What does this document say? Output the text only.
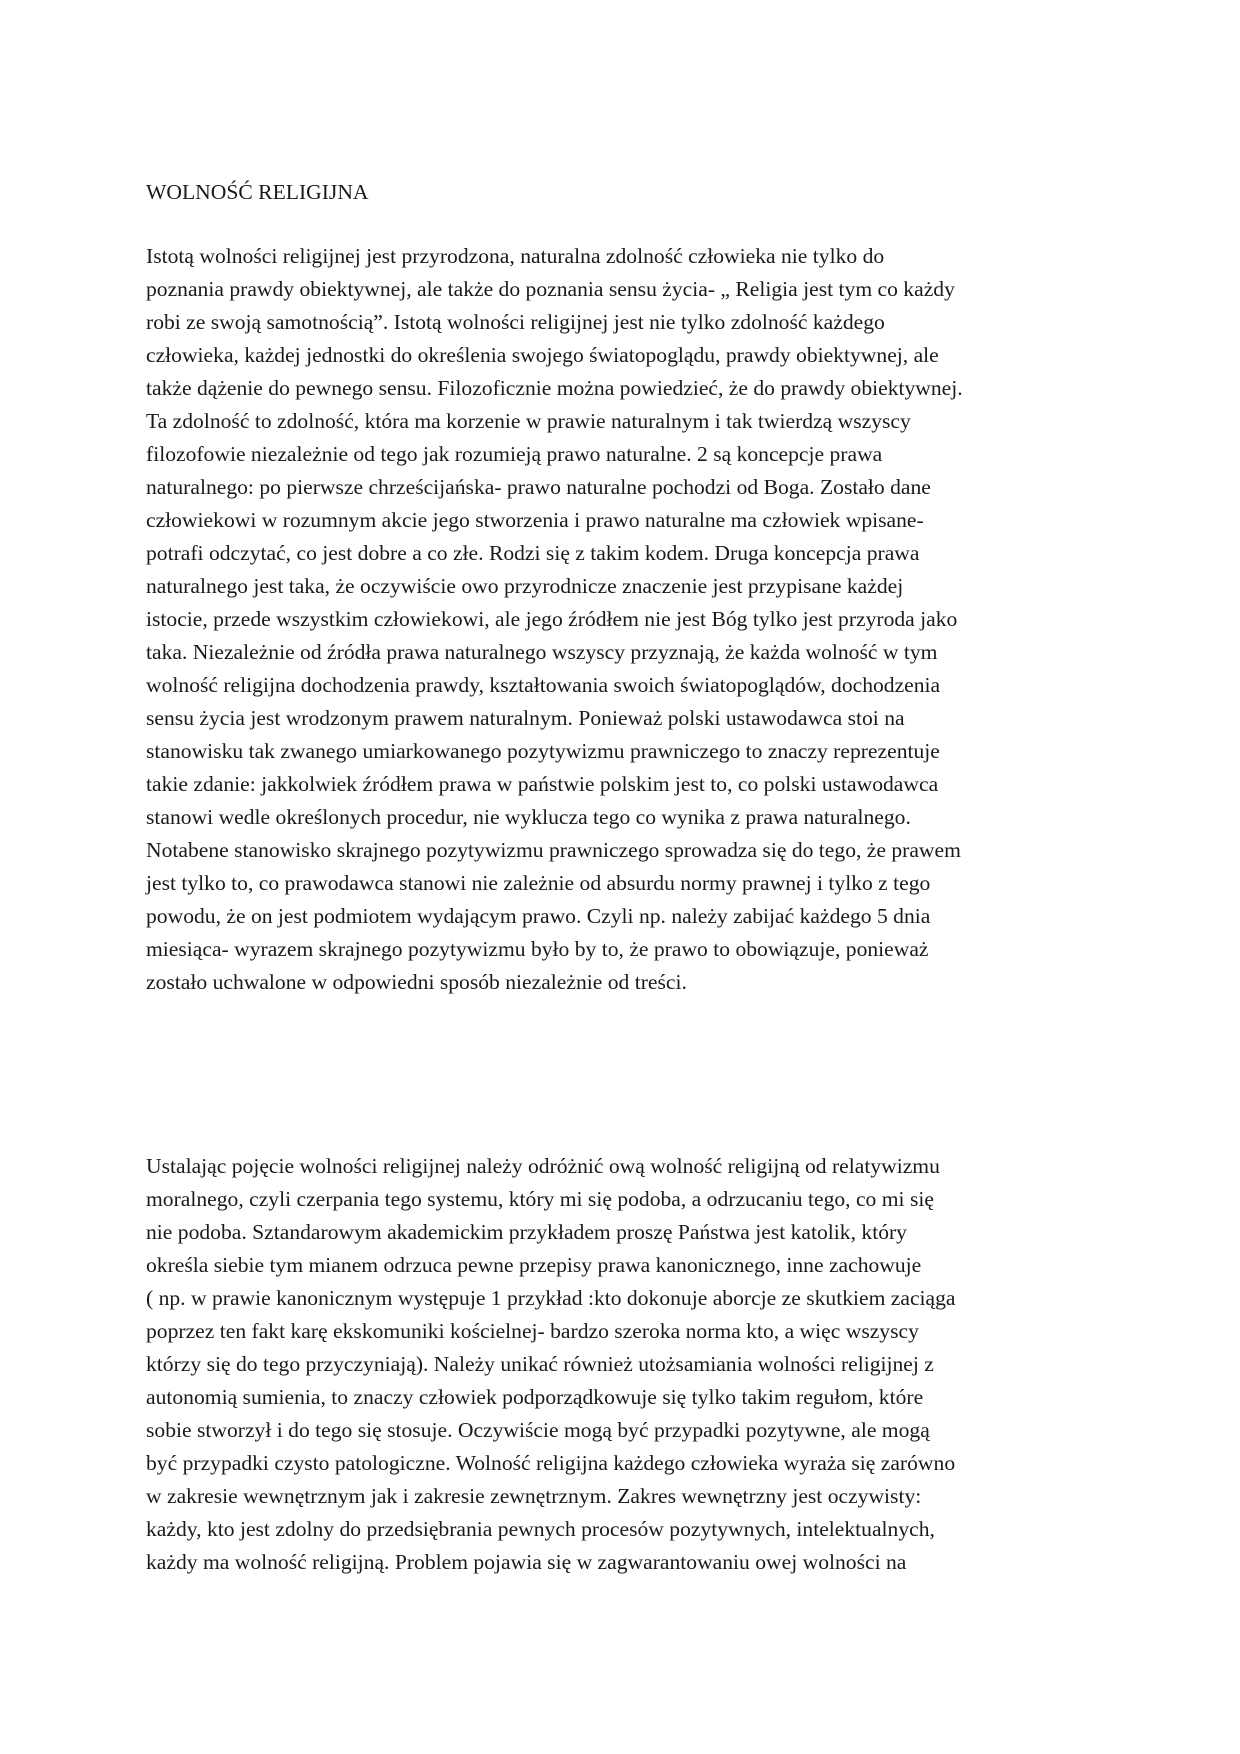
WOLNOŚĆ RELIGIJNA
Istotą wolności religijnej jest przyrodzona, naturalna zdolność człowieka nie tylko do
poznania prawdy obiektywnej, ale także do poznania sensu życia- „ Religia jest tym co każdy
robi ze swoją samotnością”. Istotą wolności religijnej jest nie tylko zdolność każdego
człowieka, każdej jednostki do określenia swojego światopoglądu, prawdy obiektywnej, ale
także dążenie do pewnego sensu. Filozoficznie można powiedzieć, że do prawdy obiektywnej.
Ta zdolność to zdolność, która ma korzenie w prawie naturalnym i tak twierdzą wszyscy
filozofowie niezależnie od tego jak rozumieją prawo naturalne. 2 są koncepcje prawa
naturalnego: po pierwsze chrześcijańska- prawo naturalne pochodzi od Boga. Zostało dane
człowiekowi w rozumnym akcie jego stworzenia i prawo naturalne ma człowiek wpisane-
potrafi odczytać, co jest dobre a co złe. Rodzi się z takim kodem. Druga koncepcja prawa
naturalnego jest taka, że oczywiście owo przyrodnicze znaczenie jest przypisane każdej
istocie, przede wszystkim człowiekowi, ale jego źródłem nie jest Bóg tylko jest przyroda jako
taka. Niezależnie od źródła prawa naturalnego wszyscy przyznają, że każda wolność w tym
wolność religijna dochodzenia prawdy, kształtowania swoich światopoglądów, dochodzenia
sensu życia jest wrodzonym prawem naturalnym. Ponieważ polski ustawodawca stoi na
stanowisku tak zwanego umiarkowanego pozytywizmu prawniczego to znaczy reprezentuje
takie zdanie: jakkolwiek źródłem prawa w państwie polskim jest to, co polski ustawodawca
stanowi wedle określonych procedur, nie wyklucza tego co wynika z prawa naturalnego.
Notabene stanowisko skrajnego pozytywizmu prawniczego sprowadza się do tego, że prawem
jest tylko to, co prawodawca stanowi nie zależnie od absurdu normy prawnej i tylko z tego
powodu, że on jest podmiotem wydającym prawo. Czyli np. należy zabijać każdego 5 dnia
miesiąca- wyrazem skrajnego pozytywizmu było by to, że prawo to obowiązuje, ponieważ
zostało uchwalone w odpowiedni sposób niezależnie od treści.
Ustalając pojęcie wolności religijnej należy odróżnić ową wolność religijną od relatywizmu
moralnego, czyli czerpania tego systemu, który mi się podoba, a odrzucaniu tego, co mi się
nie podoba. Sztandarowym akademickim przykładem proszę Państwa jest katolik, który
określa siebie tym mianem odrzuca pewne przepisy prawa kanonicznego, inne zachowuje
( np. w prawie kanonicznym występuje 1 przykład :kto dokonuje aborcje ze skutkiem zaciąga
poprzez ten fakt karę ekskomuniki kościelnej- bardzo szeroka norma kto, a więc wszyscy
którzy się do tego przyczyniają). Należy unikać również utożsamiania wolności religijnej z
autonomią sumienia, to znaczy człowiek podporządkowuje się tylko takim regułom, które
sobie stworzył i do tego się stosuje. Oczywiście mogą być przypadki pozytywne, ale mogą
być przypadki czysto patologiczne. Wolność religijna każdego człowieka wyraża się zarówno
w zakresie wewnętrznym jak i zakresie zewnętrznym. Zakres wewnętrzny jest oczywisty:
każdy, kto jest zdolny do przedsiębrania pewnych procesów pozytywnych, intelektualnych,
każdy ma wolność religijną. Problem pojawia się w zagwarantowaniu owej wolności na
